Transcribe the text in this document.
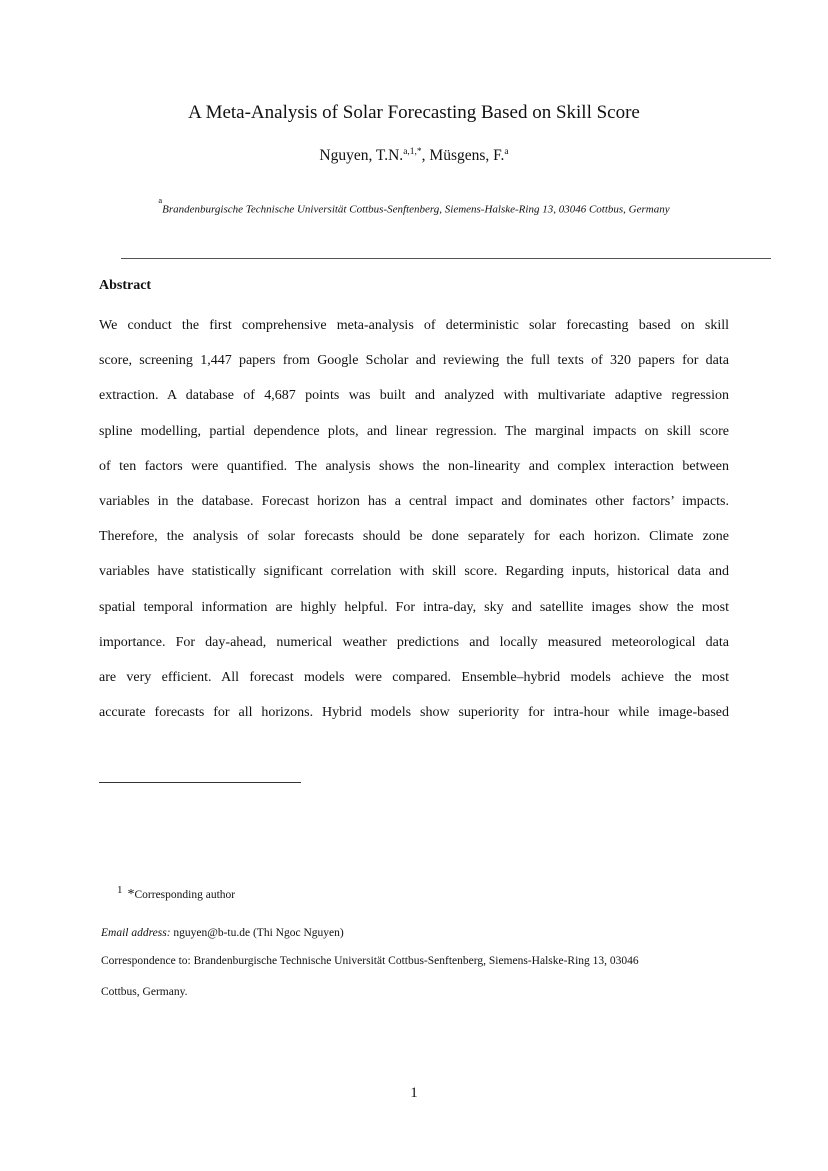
A Meta-Analysis of Solar Forecasting Based on Skill Score
Nguyen, T.N.$^{a,1,*}$, Müsgens, F.$^a$
$^a$Brandenburgische Technische Universität Cottbus-Senftenberg, Siemens-Halske-Ring 13, 03046 Cottbus, Germany
Abstract
We conduct the first comprehensive meta-analysis of deterministic solar forecasting based on skill
score, screening 1,447 papers from Google Scholar and reviewing the full texts of 320 papers for data
extraction. A database of 4,687 points was built and analyzed with multivariate adaptive regression
spline modelling, partial dependence plots, and linear regression. The marginal impacts on skill score
of ten factors were quantified. The analysis shows the non-linearity and complex interaction between
variables in the database. Forecast horizon has a central impact and dominates other factors’ impacts.
Therefore, the analysis of solar forecasts should be done separately for each horizon. Climate zone
variables have statistically significant correlation with skill score. Regarding inputs, historical data and
spatial temporal information are highly helpful. For intra-day, sky and satellite images show the most
importance. For day-ahead, numerical weather predictions and locally measured meteorological data
are very efficient. All forecast models were compared. Ensemble–hybrid models achieve the most
accurate forecasts for all horizons. Hybrid models show superiority for intra-hour while image-based
1 *Corresponding author
Email address: nguyen@b-tu.de (Thi Ngoc Nguyen)
Correspondence to: Brandenburgische Technische Universität Cottbus-Senftenberg, Siemens-Halske-Ring 13, 03046
Cottbus, Germany.
1
